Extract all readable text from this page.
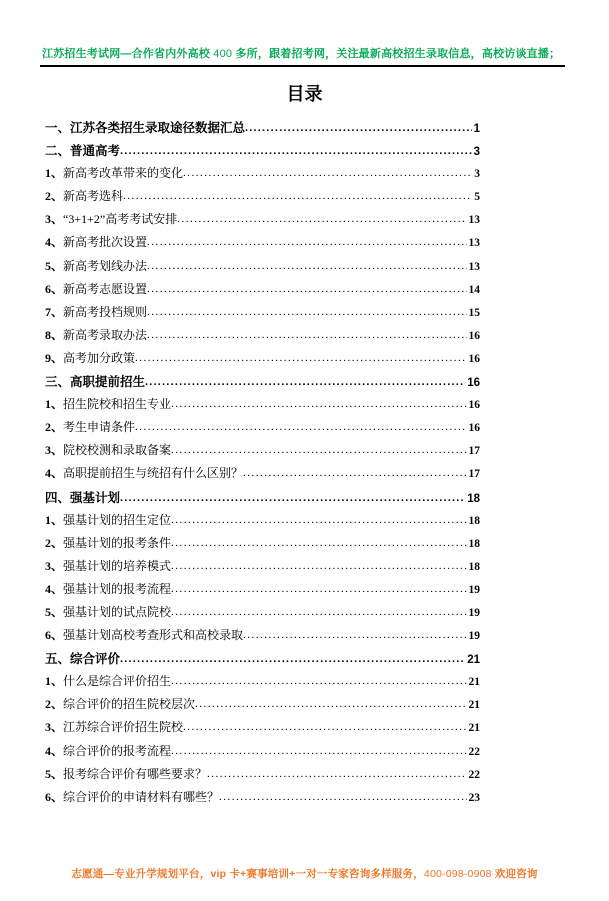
江苏招生考试网—合作省内外高校 400 多所，跟着招考网，关注最新高校招生录取信息，高校访谈直播；
目录
一、 江苏各类招生录取途径数据汇总 .....	1
二、 普通高考 .....	3
1、 新高考改革带来的变化 .....	3
2、 新高考选科 .....	5
3、 “3+1+2”高考考试安排 .....	13
4、 新高考批次设置 .....	13
5、 新高考划线办法 .....	13
6、 新高考志愿设置 .....	14
7、 新高考投档规则 .....	15
8、 新高考录取办法 .....	16
9、 高考加分政策 .....	16
三、 高职提前招生 .....	16
1、 招生院校和招生专业 .....	16
2、 考生申请条件 .....	16
3、 院校校测和录取备案 .....	17
4、 高职提前招生与统招有什么区别？ .....	17
四、 强基计划 .....	18
1、 强基计划的招生定位 .....	18
2、 强基计划的报考条件 .....	18
3、 强基计划的培养模式 .....	18
4、 强基计划的报考流程 .....	19
5、 强基计划的试点院校 .....	19
6、 强基计划高校考查形式和高校录取 .....	19
五、 综合评价 .....	21
1、 什么是综合评价招生 .....	21
2、 综合评价的招生院校层次 .....	21
3、 江苏综合评价招生院校 .....	21
4、 综合评价的报考流程 .....	22
5、 报考综合评价有哪些要求？ .....	22
6、 综合评价的申请材料有哪些？ .....	23
志愿通—专业升学规划平台，vip 卡+赛事培训+一对一专家咨询多样服务，400-098-0908 欢迎咨询
